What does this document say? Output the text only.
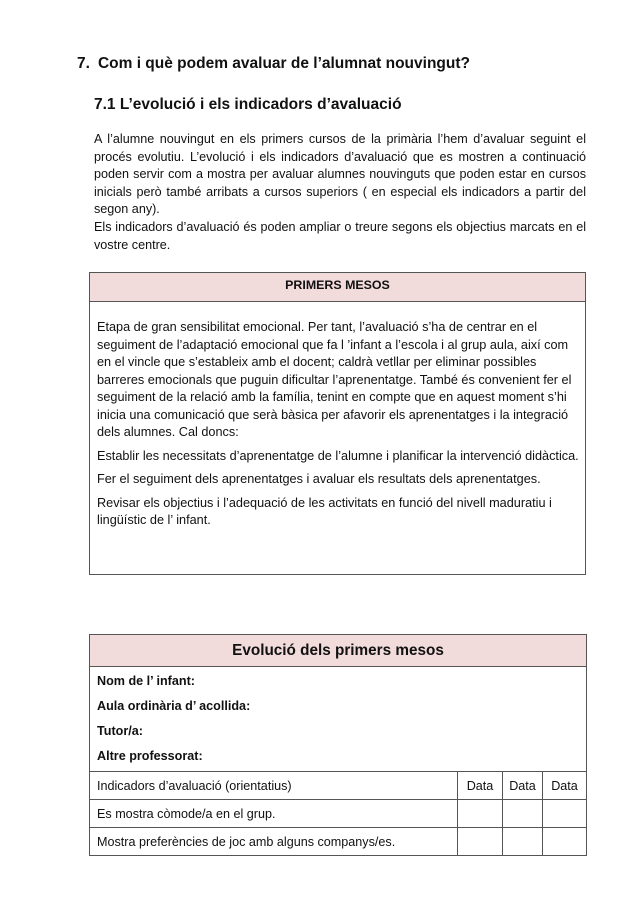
7. Com i què podem avaluar de l’alumnat nouvingut?
7.1 L’evolució i els indicadors d’avaluació

A l’alumne nouvingut en els primers cursos de la primària l’hem d’avaluar seguint el procés evolutiu. L’evolució i els indicadors d’avaluació que es mostren a continuació poden servir com a mostra per avaluar alumnes nouvinguts que poden estar en cursos inicials però també arribats a cursos superiors ( en especial els indicadors a partir del segon any).

Els indicadors d’avaluació és poden ampliar o treure segons els objectius marcats en el vostre centre.

PRIMERS MESOS

Etapa de gran sensibilitat emocional. Per tant, l’avaluació s’ha de centrar en el seguiment de l’adaptació emocional que fa l ’infant a l’escola i al grup aula, així com en el vincle que s’estableix amb el docent; caldrà vetllar per eliminar possibles barreres emocionals que puguin dificultar l’aprenentatge. També és convenient fer el seguiment de la relació amb la família, tenint en compte que en aquest moment s’hi inicia una comunicació que serà bàsica per afavorir els aprenentatges i la integració dels alumnes. Cal doncs:

Establir les necessitats d’aprenentatge de l’alumne i planificar la intervenció didàctica.

Fer el seguiment dels aprenentatges i avaluar els resultats dels aprenentatges.

Revisar els objectius i l’adequació de les activitats en funció del nivell maduratiu i lingüístic de l’ infant.

Evolució dels primers mesos			

Nom de l’ infant:
Aula ordinària d’ acollida:
Tutor/a:
Altre professorat:			

Indicadors d’avaluació (orientatius)	Data	Data	Data
Es mostra còmode/a en el grup.			
Mostra preferències de joc amb alguns companys/es.			
